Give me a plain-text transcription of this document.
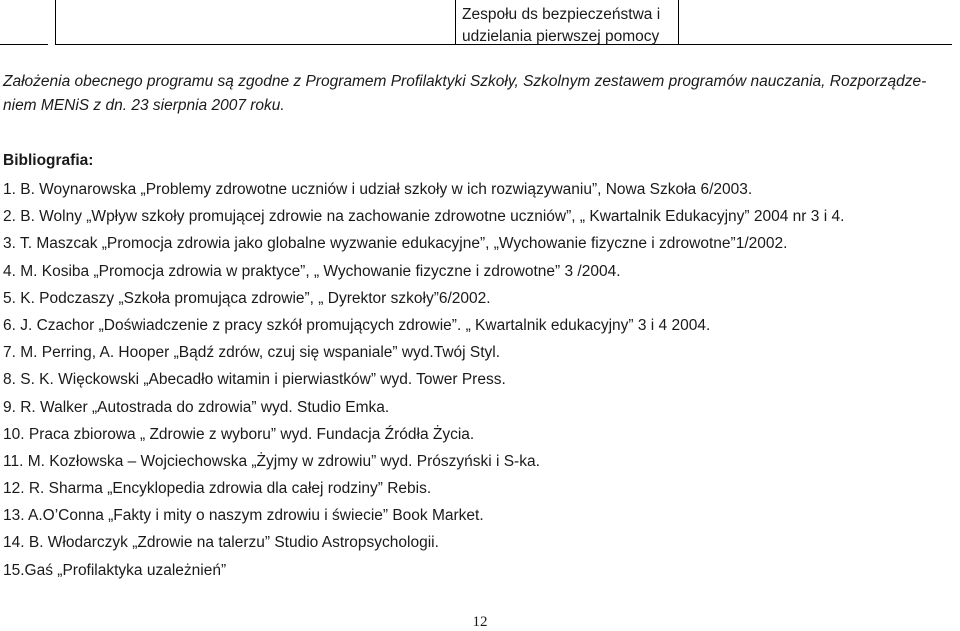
Zespołu ds bezpieczeństwa i
udzielania pierwszej pomocy
Założenia obecnego programu są zgodne z Programem Profilaktyki Szkoły, Szkolnym zestawem programów nauczania, Rozporządze-
niem MENiS z dn. 23 sierpnia 2007 roku.
Bibliografia:
1. B. Woynarowska „Problemy zdrowotne uczniów i udział szkoły w ich rozwiązywaniu”, Nowa Szkoła 6/2003.
2. B. Wolny „Wpływ szkoły promującej zdrowie na zachowanie zdrowotne uczniów”, „ Kwartalnik Edukacyjny” 2004 nr 3 i 4.
3. T. Maszcak „Promocja zdrowia jako globalne wyzwanie edukacyjne”, „Wychowanie fizyczne i zdrowotne”1/2002.
4. M. Kosiba „Promocja zdrowia w praktyce”, „ Wychowanie fizyczne i zdrowotne” 3 /2004.
5. K. Podczaszy „Szkoła promująca zdrowie”, „ Dyrektor szkoły”6/2002.
6. J. Czachor „Doświadczenie z pracy szkół promujących zdrowie”. „ Kwartalnik edukacyjny” 3 i 4 2004.
7. M. Perring, A. Hooper „Bądź zdrów, czuj się wspaniale” wyd.Twój Styl.
8. S. K. Więckowski „Abecadło witamin i pierwiastków” wyd. Tower Press.
9. R. Walker „Autostrada do zdrowia” wyd. Studio Emka.
10. Praca zbiorowa „ Zdrowie z wyboru” wyd. Fundacja Źródła Życia.
11. M. Kozłowska – Wojciechowska „Żyjmy w zdrowiu” wyd. Prószyński i S-ka.
12. R. Sharma „Encyklopedia zdrowia dla całej rodziny” Rebis.
13. A.O’Conna „Fakty i mity o naszym zdrowiu i świecie” Book Market.
14. B. Włodarczyk „Zdrowie na talerzu” Studio Astropsychologii.
15.Gaś „Profilaktyka uzależnień”
12
